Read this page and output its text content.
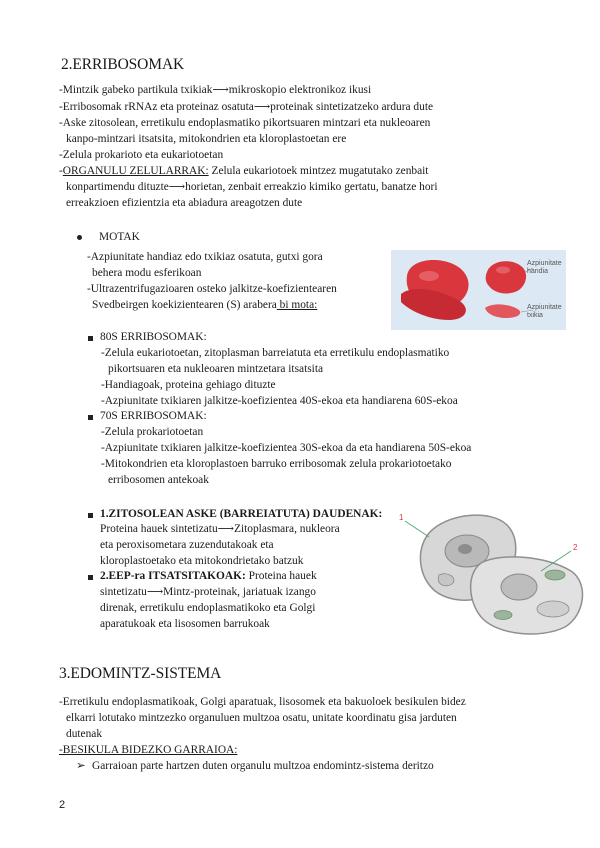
2.ERRIBOSOMAK
-Mintzik gabeko partikula txikiak⟶mikroskopio elektronikoz ikusi
-Erribosomak rRNAz eta proteinaz osatuta⟶proteinak sintetizatzeko ardura dute
-Aske zitosolean, erretikulu endoplasmatiko pikortsuaren mintzari eta nukleoaren
kanpo-mintzari itsatsita, mitokondrien eta kloroplastoetan ere
-Zelula prokarioto eta eukariotoetan
-ORGANULU ZELULARRAK: Zelula eukariotoek mintzez mugatutako zenbait
konpartimendu dituzte⟶horietan, zenbait erreakzio kimiko gertatu, banatze hori
erreakzioen efizientzia eta abiadura areagotzen dute
MOTAK
-Azpiunitate handiaz edo txikiaz osatuta, gutxi gora
behera modu esferikoan
-Ultrazentrifugazioaren osteko jalkitze-koefizientearen
Svedbeirgen koekizientearen (S) arabera bi mota:
Azpiunitate
handia
Azpiunitate
txikia
80S ERRIBOSOMAK:
-Zelula eukariotoetan, zitoplasman barreiatuta eta erretikulu endoplasmatiko
pikortsuaren eta nukleoaren mintzetara itsatsita
-Handiagoak, proteina gehiago dituzte
-Azpiunitate txikiaren jalkitze-koefizientea 40S-ekoa eta handiarena 60S-ekoa
70S ERRIBOSOMAK:
-Zelula prokariotoetan
-Azpiunitate txikiaren jalkitze-koefizientea 30S-ekoa da eta handiarena 50S-ekoa
-Mitokondrien eta kloroplastoen barruko erribosomak zelula prokariotoetako
erribosomen antekoak
1.ZITOSOLEAN ASKE (BARREIATUTA) DAUDENAK:
Proteina hauek sintetizatu⟶Zitoplasmara, nukleora
eta peroxisometara zuzendutakoak eta
kloroplastoetako eta mitokondrietako batzuk
2.EEP-ra ITSATSITAKOAK: Proteina hauek
sintetizatu⟶Mintz-proteinak, jariatuak izango
direnak, erretikulu endoplasmatikoko eta Golgi
aparatukoak eta lisosomen barrukoak
1
2
3.EDOMINTZ-SISTEMA
-Erretikulu endoplasmatikoak, Golgi aparatuak, lisosomek eta bakuoloek besikulen bidez
elkarri lotutako mintzezko organuluen multzoa osatu, unitate koordinatu gisa jarduten
dutenak
-BESIKULA BIDEZKO GARRAIOA:
➢ Garraioan parte hartzen duten organulu multzoa endomintz-sistema deritzo
2
